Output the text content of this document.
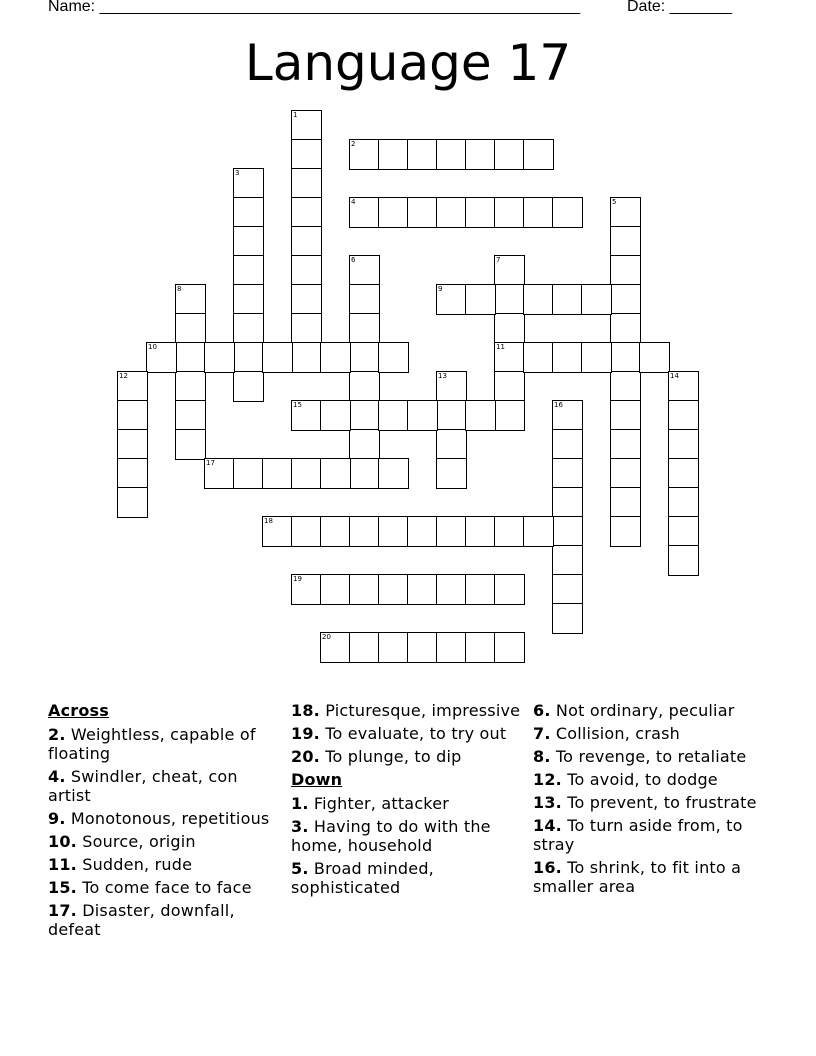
Name: ______________________________________________________	Date: _______
Language 17
1
2
3
4	5
6	7
11
8	9
10
12	13	14
15	16
17
18
19
20
Across
2. Weightless, capable of floating
4. Swindler, cheat, con artist
9. Monotonous, repetitious
10. Source, origin
11. Sudden, rude
15. To come face to face
17. Disaster, downfall, defeat
18. Picturesque, impressive
19. To evaluate, to try out
20. To plunge, to dip
Down
1. Fighter, attacker
3. Having to do with the home, household
5. Broad minded, sophisticated
6. Not ordinary, peculiar
7. Collision, crash
8. To revenge, to retaliate
12. To avoid, to dodge
13. To prevent, to frustrate
14. To turn aside from, to stray
16. To shrink, to fit into a smaller area
